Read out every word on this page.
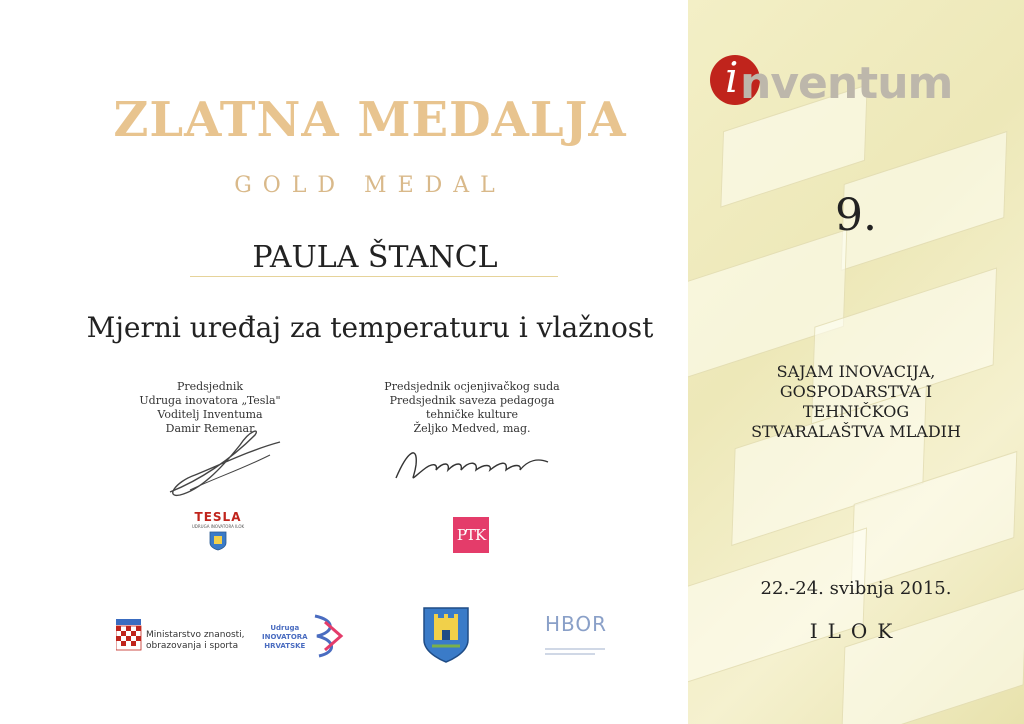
ZLATNA MEDALJA
GOLD MEDAL
PAULA ŠTANCL
Mjerni uređaj za temperaturu i vlažnost
Predsjednik
Udruga inovatora „Tesla"
Voditelj Inventuma
Damir Remenar
Predsjednik ocjenjivačkog suda
Predsjednik saveza pedagoga
tehničke kulture
Željko Medved, mag.
TESLA
UDRUGA INOVATORA ILOK	PTK
Ministarstvo znanosti,
obrazovanja i sporta
Udruga
INOVATORA
HRVATSKE
HBOR
i nventum
9.
SAJAM INOVACIJA,
GOSPODARSTVA I
TEHNIČKOG
STVARALAŠTVA MLADIH
22.-24. svibnja 2015.
ILOK
